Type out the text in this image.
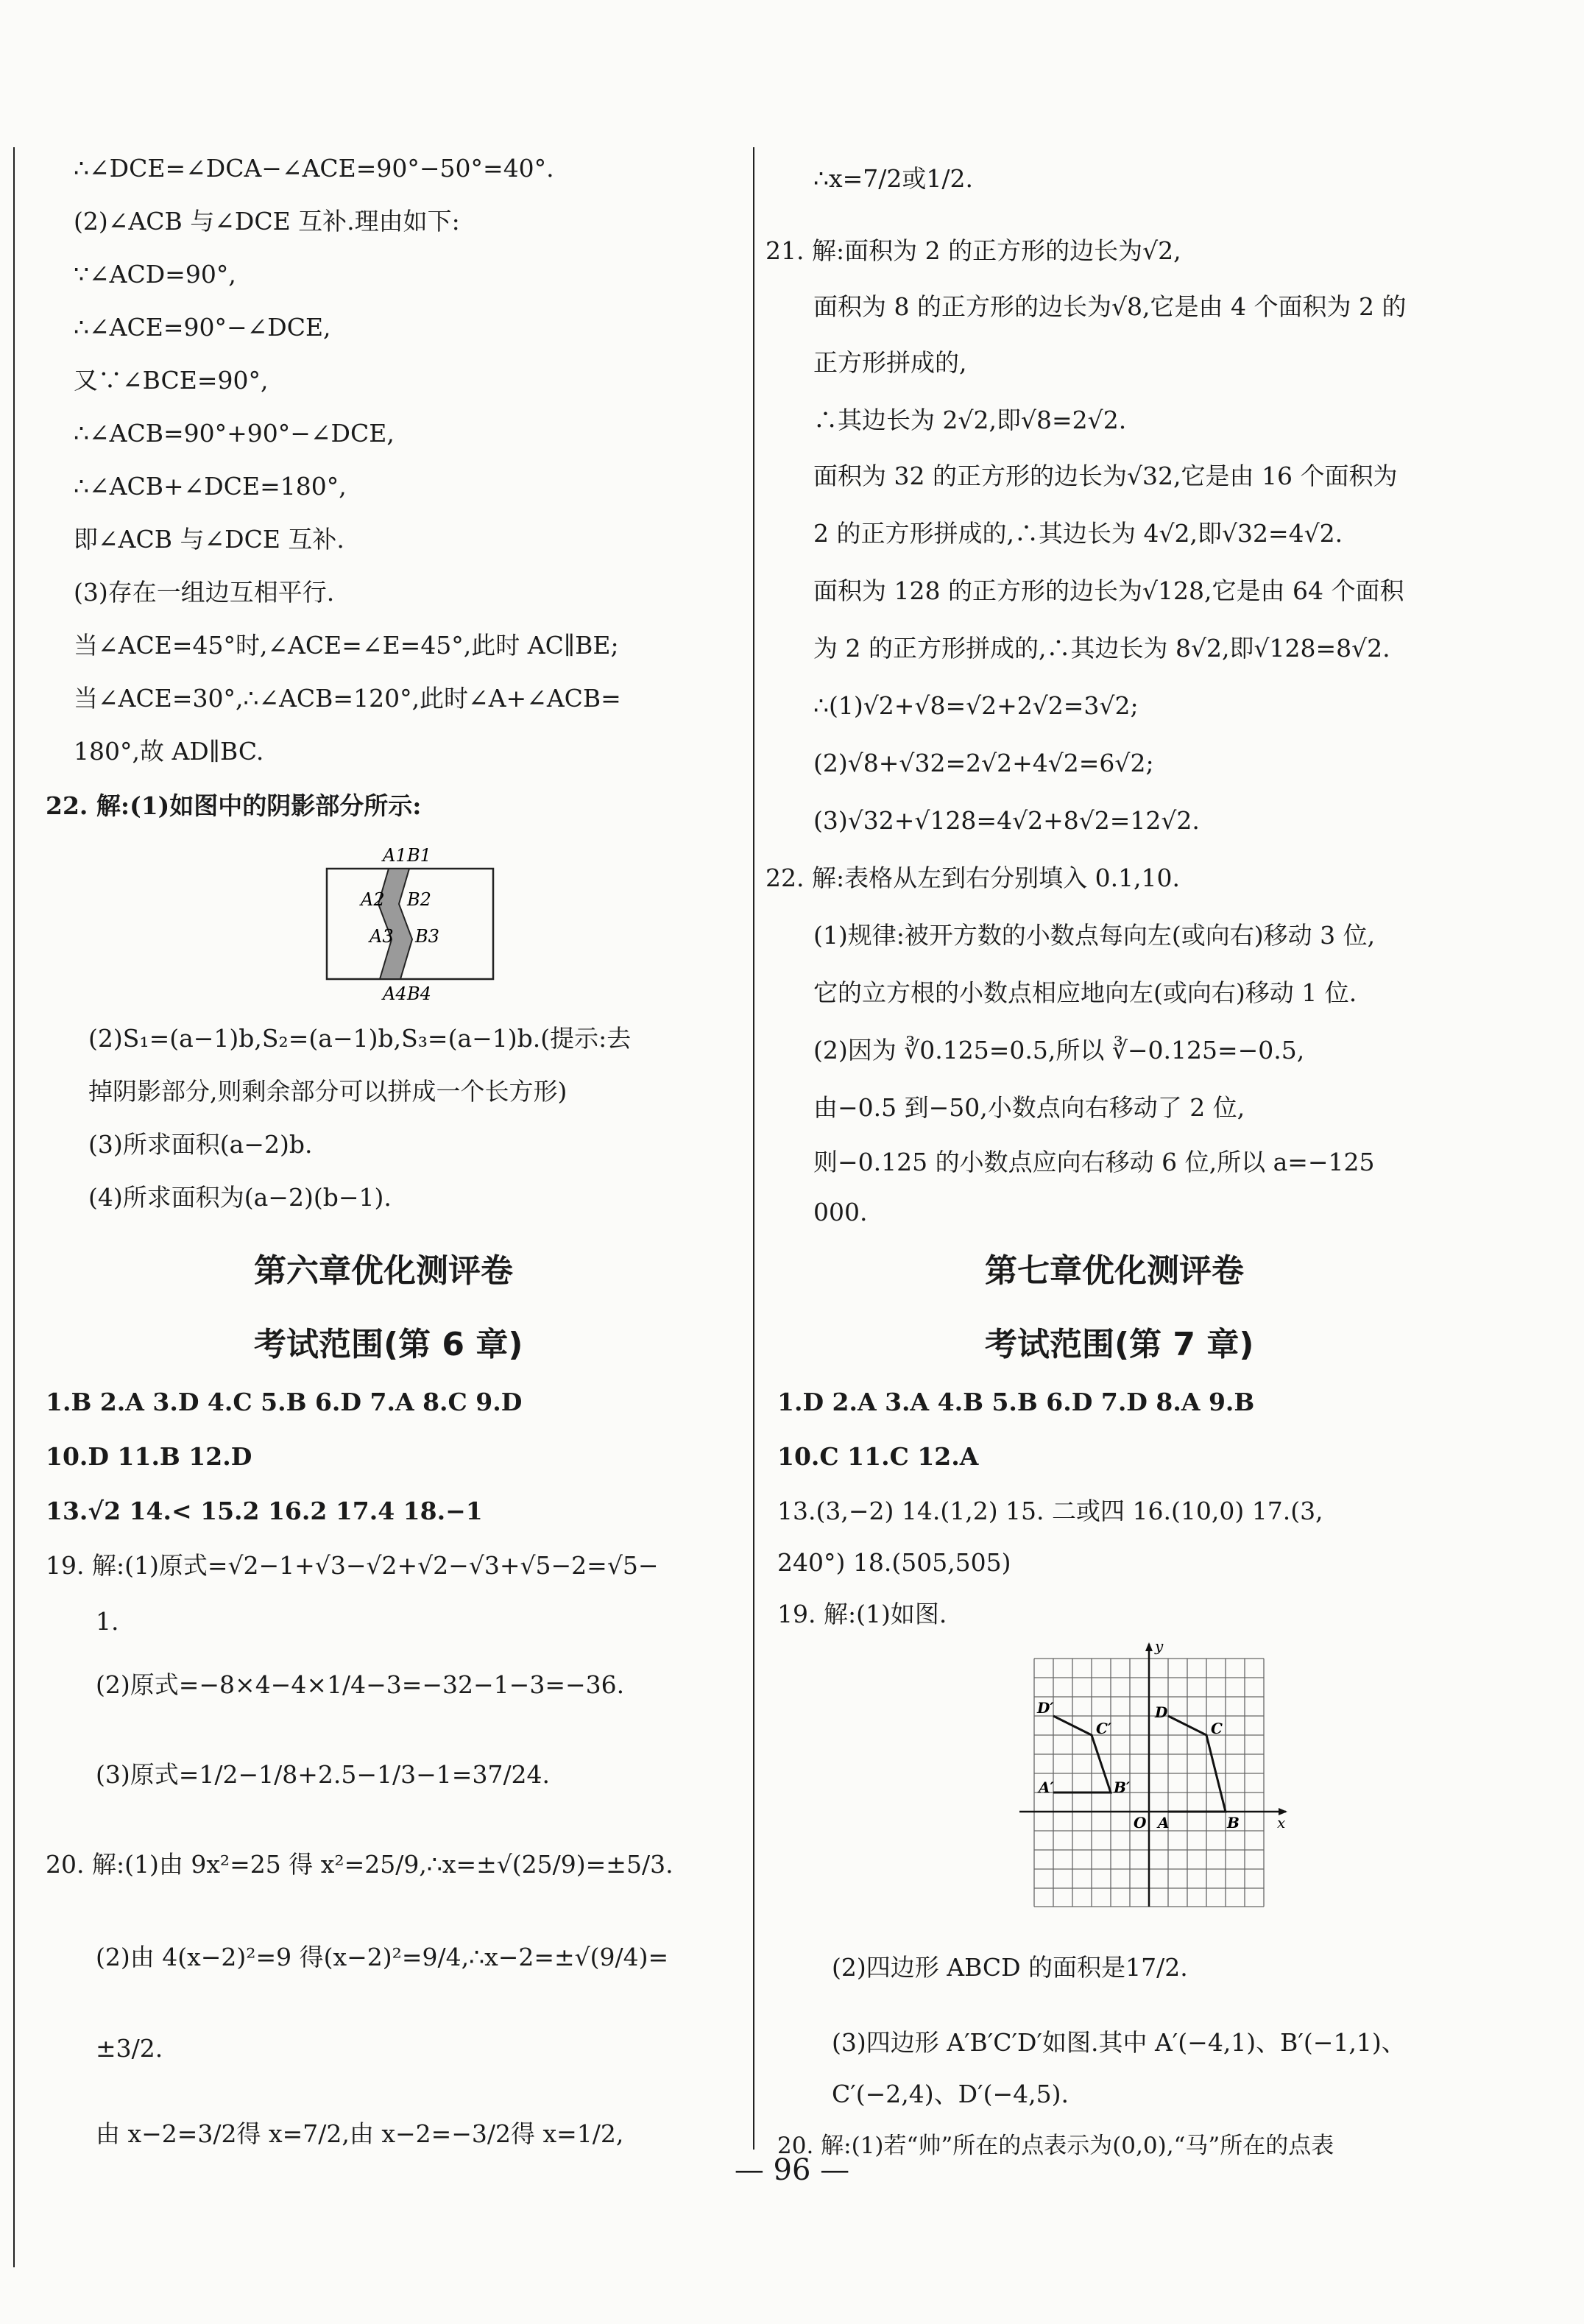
∴∠DCE=∠DCA−∠ACE=90°−50°=40°.
(2)∠ACB 与∠DCE 互补.理由如下:
∵∠ACD=90°,
∴∠ACE=90°−∠DCE,
又∵∠BCE=90°,
∴∠ACB=90°+90°−∠DCE,
∴∠ACB+∠DCE=180°,
即∠ACB 与∠DCE 互补.
(3)存在一组边互相平行.
当∠ACE=45°时,∠ACE=∠E=45°,此时 AC∥BE;
当∠ACE=30°,∴∠ACB=120°,此时∠A+∠ACB=
180°,故 AD∥BC.
22. 解:(1)如图中的阴影部分所示:
A1 B1
A2 B2
A3 B3
A4 B4
(2)S₁=(a−1)b,S₂=(a−1)b,S₃=(a−1)b.(提示:去
掉阴影部分,则剩余部分可以拼成一个长方形)
(3)所求面积(a−2)b.
(4)所求面积为(a−2)(b−1).
第六章优化测评卷
考试范围(第 6 章)
1.B 2.A 3.D 4.C 5.B 6.D 7.A 8.C 9.D
10.D 11.B 12.D
13.√2 14.< 15.2 16.2 17.4 18.−1
19. 解:(1)原式=√2−1+√3−√2+√2−√3+√5−2=√5−
1.
(2)原式=−8×4−4×1/4−3=−32−1−3=−36.
(3)原式=1/2−1/8+2.5−1/3−1=37/24.
20. 解:(1)由 9x²=25 得 x²=25/9,∴x=±√(25/9)=±5/3.
(2)由 4(x−2)²=9 得(x−2)²=9/4,∴x−2=±√(9/4)=
±3/2.
由 x−2=3/2得 x=7/2,由 x−2=−3/2得 x=1/2,
∴x=7/2或1/2.
21. 解:面积为 2 的正方形的边长为√2,
面积为 8 的正方形的边长为√8,它是由 4 个面积为 2 的
正方形拼成的,
∴其边长为 2√2,即√8=2√2.
面积为 32 的正方形的边长为√32,它是由 16 个面积为
2 的正方形拼成的,∴其边长为 4√2,即√32=4√2.
面积为 128 的正方形的边长为√128,它是由 64 个面积
为 2 的正方形拼成的,∴其边长为 8√2,即√128=8√2.
∴(1)√2+√8=√2+2√2=3√2;
(2)√8+√32=2√2+4√2=6√2;
(3)√32+√128=4√2+8√2=12√2.
22. 解:表格从左到右分别填入 0.1,10.
(1)规律:被开方数的小数点每向左(或向右)移动 3 位,
它的立方根的小数点相应地向左(或向右)移动 1 位.
(2)因为 ∛0.125=0.5,所以 ∛−0.125=−0.5,
由−0.5 到−50,小数点向右移动了 2 位,
则−0.125 的小数点应向右移动 6 位,所以 a=−125
000.
第七章优化测评卷
考试范围(第 7 章)
1.D 2.A 3.A 4.B 5.B 6.D 7.D 8.A 9.B
10.C 11.C 12.A
13.(3,−2) 14.(1,2) 15. 二或四 16.(10,0) 17.(3,
240°) 18.(505,505)
19. 解:(1)如图.
D′
C′
D
C
A′	B′
O A	B	x
y
(2)四边形 ABCD 的面积是17/2.
(3)四边形 A′B′C′D′如图.其中 A′(−4,1)、B′(−1,1)、
C′(−2,4)、D′(−4,5).
20. 解:(1)若“帅”所在的点表示为(0,0),“马”所在的点表
— 96 —
